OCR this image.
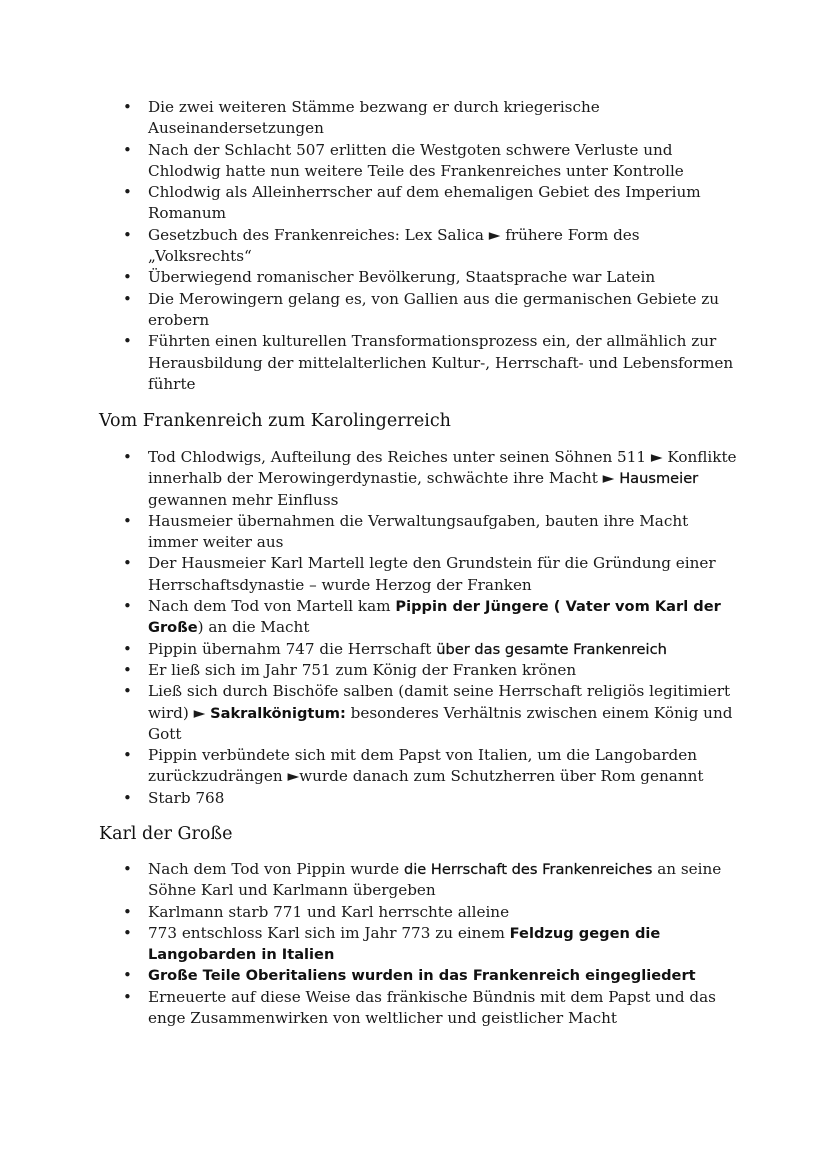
• Die zwei weiteren Stämme bezwang er durch kriegerische Auseinandersetzungen
• Nach der Schlacht 507 erlitten die Westgoten schwere Verluste und Chlodwig hatte nun weitere Teile des Frankenreiches unter Kontrolle
• Chlodwig als Alleinherrscher auf dem ehemaligen Gebiet des Imperium Romanum
• Gesetzbuch des Frankenreiches: Lex Salica ► frühere Form des „Volksrechts“
• Überwiegend romanischer Bevölkerung, Staatsprache war Latein
• Die Merowingern gelang es, von Gallien aus die germanischen Gebiete zu erobern
• Führten einen kulturellen Transformationsprozess ein, der allmählich zur Herausbildung der mittelalterlichen Kultur-, Herrschaft- und Lebensformen führte
Vom Frankenreich zum Karolingerreich
• Tod Chlodwigs, Aufteilung des Reiches unter seinen Söhnen 511 ► Konflikte innerhalb der Merowingerdynastie, schwächte ihre Macht ► Hausmeier gewannen mehr Einfluss
• Hausmeier übernahmen die Verwaltungsaufgaben, bauten ihre Macht immer weiter aus
• Der Hausmeier Karl Martell legte den Grundstein für die Gründung einer Herrschaftsdynastie – wurde Herzog der Franken
• Nach dem Tod von Martell kam Pippin der Jüngere ( Vater vom Karl der Große) an die Macht
• Pippin übernahm 747 die Herrschaft über das gesamte Frankenreich
• Er ließ sich im Jahr 751 zum König der Franken krönen
• Ließ sich durch Bischöfe salben (damit seine Herrschaft religiös legitimiert wird) ► Sakralkönigtum: besonderes Verhältnis zwischen einem König und Gott
• Pippin verbündete sich mit dem Papst von Italien, um die Langobarden zurückzudrängen ►wurde danach zum Schutzherren über Rom genannt
• Starb 768
Karl der Große
• Nach dem Tod von Pippin wurde die Herrschaft des Frankenreiches an seine Söhne Karl und Karlmann übergeben
• Karlmann starb 771 und Karl herrschte alleine
• 773 entschloss Karl sich im Jahr 773 zu einem Feldzug gegen die Langobarden in Italien
• Große Teile Oberitaliens wurden in das Frankenreich eingegliedert
• Erneuerte auf diese Weise das fränkische Bündnis mit dem Papst und das enge Zusammenwirken von weltlicher und geistlicher Macht
